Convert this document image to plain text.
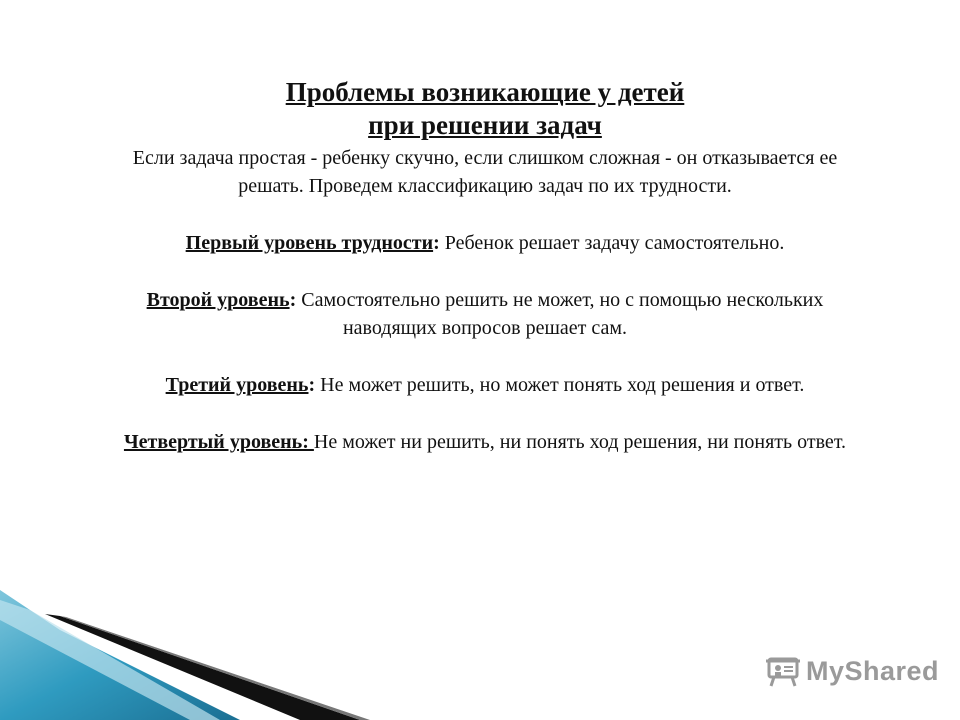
Проблемы возникающие у детей
при решении задач

Если задача простая - ребенку скучно, если слишком сложная - он отказывается ее решать. Проведем классификацию задач по их трудности.

Первый уровень трудности: Ребенок решает задачу самостоятельно.

Второй уровень: Самостоятельно решить не может, но с помощью нескольких наводящих вопросов решает сам.

Третий уровень: Не может решить, но может понять ход решения и ответ.

Четвертый уровень: Не может ни решить, ни понять ход решения, ни понять ответ.

MyShared
